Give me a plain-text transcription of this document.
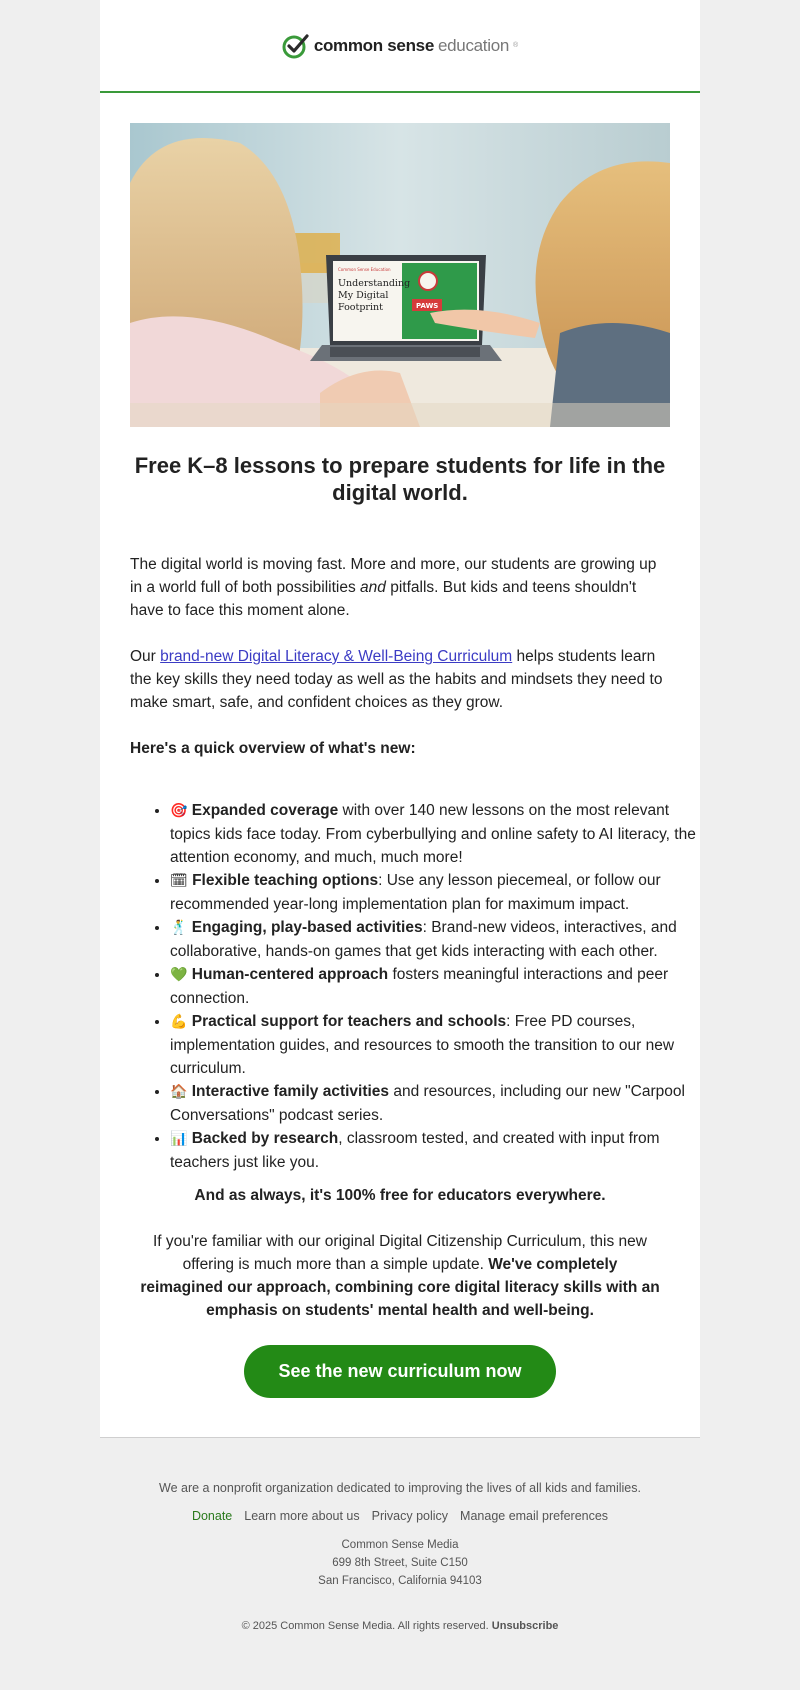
common sense education ®
PAWS
Common Sense Education
Understanding My Digital Footprint
Free K–8 lessons to prepare students for life in the digital world.
The digital world is moving fast. More and more, our students are growing up in a world full of both possibilities and pitfalls. But kids and teens shouldn't have to face this moment alone.
Our brand-new Digital Literacy & Well-Being Curriculum helps students learn the key skills they need today as well as the habits and mindsets they need to make smart, safe, and confident choices as they grow.
Here's a quick overview of what's new:
• 🎯 Expanded coverage with over 140 new lessons on the most relevant topics kids face today. From cyberbullying and online safety to AI literacy, the attention economy, and much, much more!
• 🗓 Flexible teaching options: Use any lesson piecemeal, or follow our recommended year-long implementation plan for maximum impact.
• 🕺 Engaging, play-based activities: Brand-new videos, interactives, and collaborative, hands-on games that get kids interacting with each other.
• 💚 Human-centered approach fosters meaningful interactions and peer connection.
• 💪 Practical support for teachers and schools: Free PD courses, implementation guides, and resources to smooth the transition to our new curriculum.
• 🏠 Interactive family activities and resources, including our new "Carpool Conversations" podcast series.
• 📊 Backed by research, classroom tested, and created with input from teachers just like you.
And as always, it's 100% free for educators everywhere.
If you're familiar with our original Digital Citizenship Curriculum, this new offering is much more than a simple update. We've completely reimagined our approach, combining core digital literacy skills with an emphasis on students' mental health and well-being.
See the new curriculum now
We are a nonprofit organization dedicated to improving the lives of all kids and families.
Donate Learn more about us Privacy policy Manage email preferences
Common Sense Media
699 8th Street, Suite C150
San Francisco, California 94103
© 2025 Common Sense Media. All rights reserved. Unsubscribe
